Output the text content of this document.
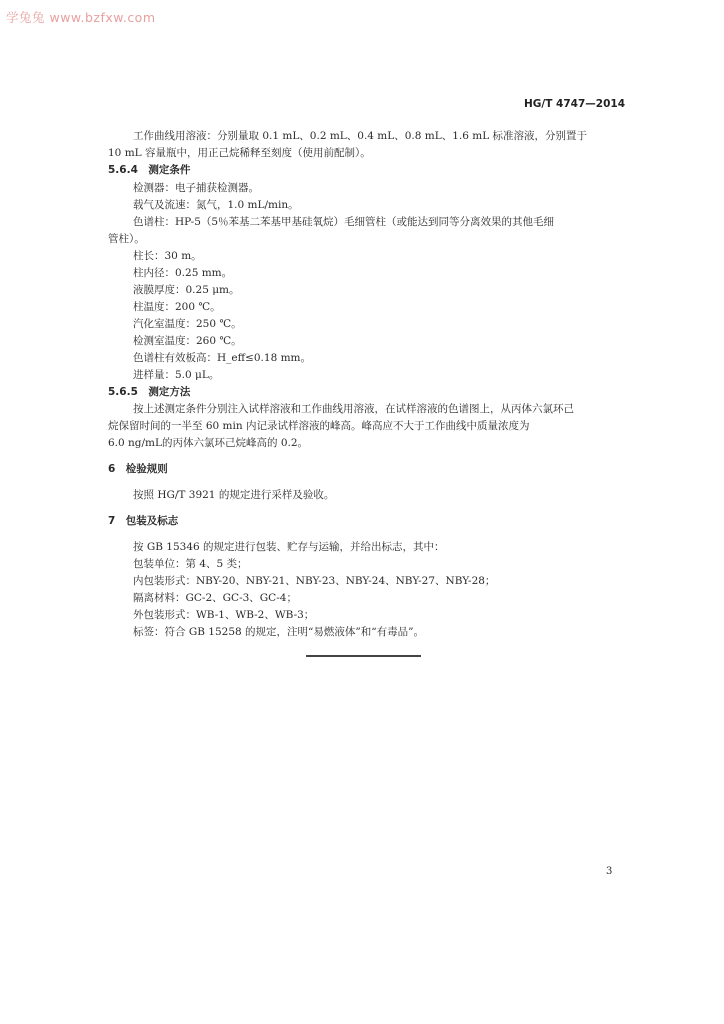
学兔兔 www.bzfxw.com
HG/T 4747—2014
工作曲线用溶液：分别量取 0.1 mL、0.2 mL、0.4 mL、0.8 mL、1.6 mL 标准溶液，分别置于
10 mL 容量瓶中，用正己烷稀释至刻度（使用前配制）。
5.6.4　测定条件
检测器：电子捕获检测器。
载气及流速：氮气，1.0 mL/min。
色谱柱：HP-5（5％苯基二苯基甲基硅氧烷）毛细管柱（或能达到同等分离效果的其他毛细
管柱）。
柱长：30 m。
柱内径：0.25 mm。
液膜厚度：0.25 μm。
柱温度：200 ℃。
汽化室温度：250 ℃。
检测室温度：260 ℃。
色谱柱有效板高：H_eff≤0.18 mm。
进样量：5.0 μL。
5.6.5　测定方法
按上述测定条件分别注入试样溶液和工作曲线用溶液，在试样溶液的色谱图上，从丙体六氯环己
烷保留时间的一半至 60 min 内记录试样溶液的峰高。峰高应不大于工作曲线中质量浓度为
6.0 ng/mL的丙体六氯环己烷峰高的 0.2。
6　检验规则
按照 HG/T 3921 的规定进行采样及验收。
7　包装及标志
按 GB 15346 的规定进行包装、贮存与运输，并给出标志，其中：
包装单位：第 4、5 类；
内包装形式：NBY-20、NBY-21、NBY-23、NBY-24、NBY-27、NBY-28；
隔离材料：GC-2、GC-3、GC-4；
外包装形式：WB-1、WB-2、WB-3；
标签：符合 GB 15258 的规定，注明“易燃液体”和“有毒品”。
3
